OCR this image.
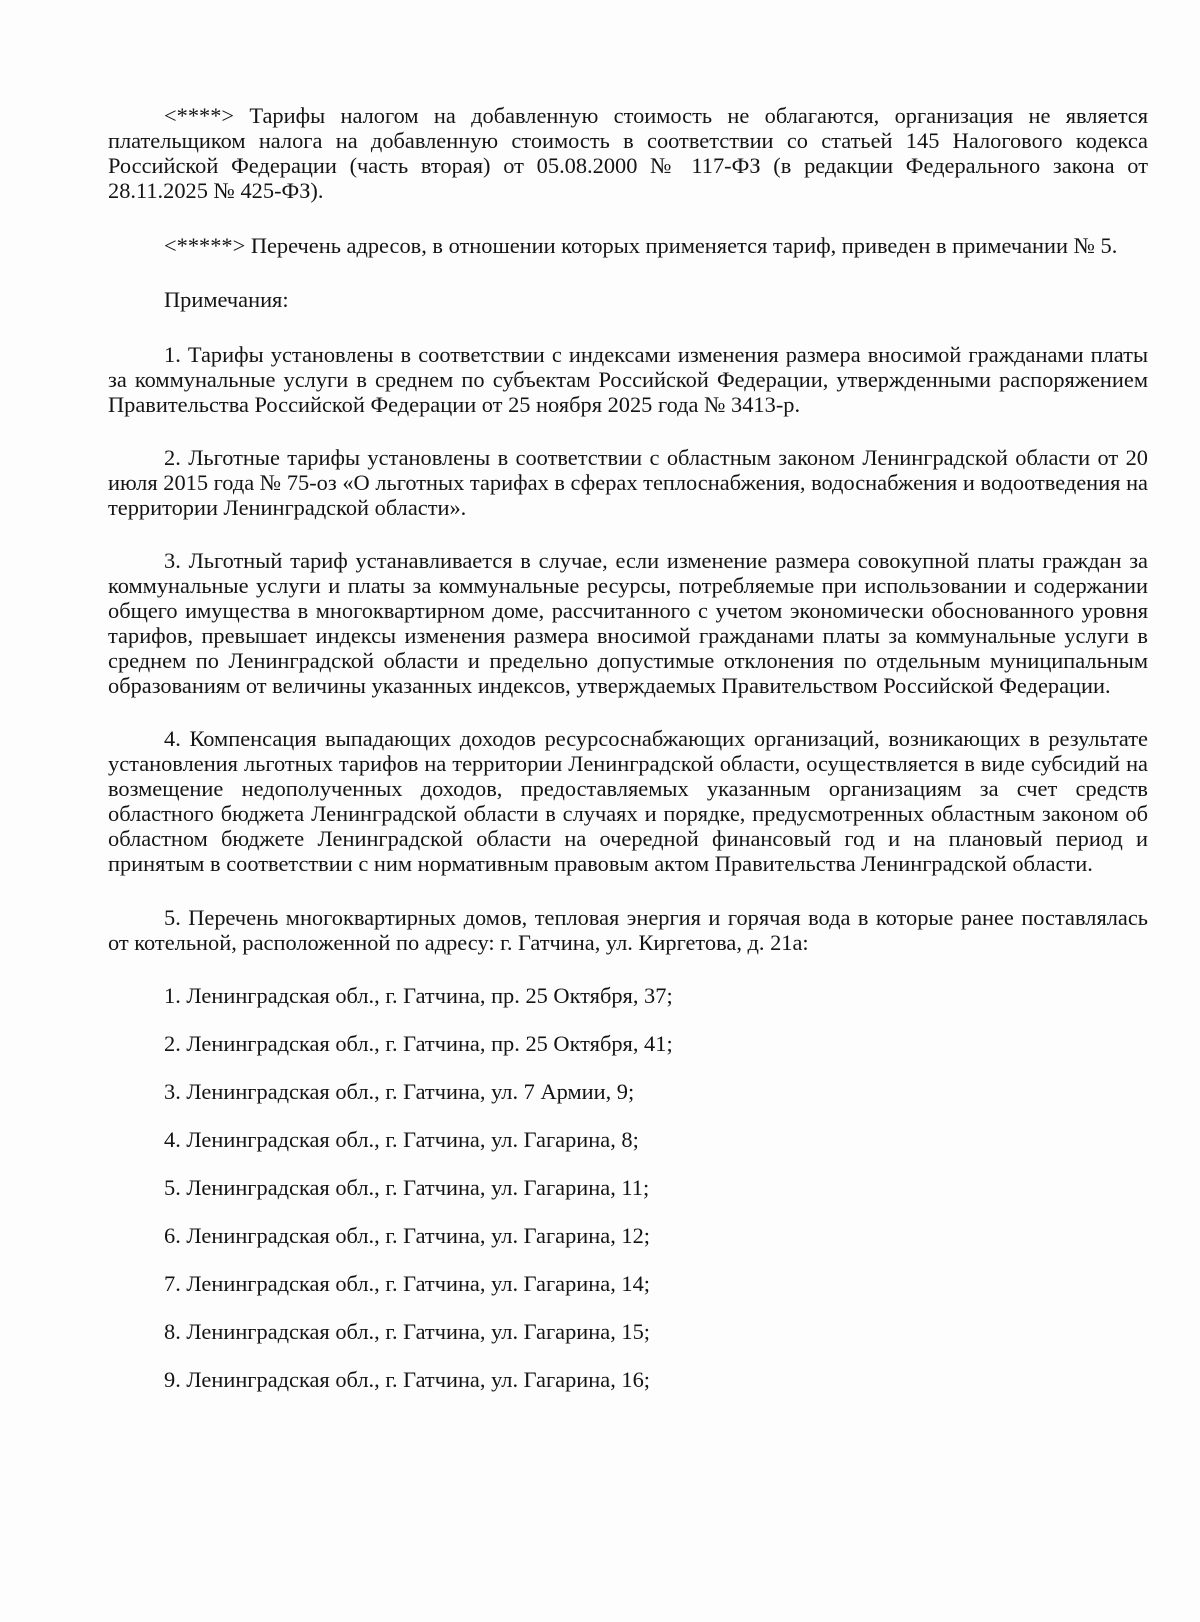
<****> Тарифы налогом на добавленную стоимость не облагаются, организация не является плательщиком налога на добавленную стоимость в соответствии со статьей 145 Налогового кодекса Российской Федерации (часть вторая) от 05.08.2000 № 117-ФЗ (в редакции Федерального закона от 28.11.2025 № 425-ФЗ).

<*****> Перечень адресов, в отношении которых применяется тариф, приведен в примечании № 5.

Примечания:

1. Тарифы установлены в соответствии с индексами изменения размера вносимой гражданами платы за коммунальные услуги в среднем по субъектам Российской Федерации, утвержденными распоряжением Правительства Российской Федерации от 25 ноября 2025 года № 3413-р.

2. Льготные тарифы установлены в соответствии с областным законом Ленинградской области от 20 июля 2015 года № 75-оз «О льготных тарифах в сферах теплоснабжения, водоснабжения и водоотведения на территории Ленинградской области».

3. Льготный тариф устанавливается в случае, если изменение размера совокупной платы граждан за коммунальные услуги и платы за коммунальные ресурсы, потребляемые при использовании и содержании общего имущества в многоквартирном доме, рассчитанного с учетом экономически обоснованного уровня тарифов, превышает индексы изменения размера вносимой гражданами платы за коммунальные услуги в среднем по Ленинградской области и предельно допустимые отклонения по отдельным муниципальным образованиям от величины указанных индексов, утверждаемых Правительством Российской Федерации.

4. Компенсация выпадающих доходов ресурсоснабжающих организаций, возникающих в результате установления льготных тарифов на территории Ленинградской области, осуществляется в виде субсидий на возмещение недополученных доходов, предоставляемых указанным организациям за счет средств областного бюджета Ленинградской области в случаях и порядке, предусмотренных областным законом об областном бюджете Ленинградской области на очередной финансовый год и на плановый период и принятым в соответствии с ним нормативным правовым актом Правительства Ленинградской области.

5. Перечень многоквартирных домов, тепловая энергия и горячая вода в которые ранее поставлялась от котельной, расположенной по адресу: г. Гатчина, ул. Киргетова, д. 21а:

1. Ленинградская обл., г. Гатчина, пр. 25 Октября, 37;
2. Ленинградская обл., г. Гатчина, пр. 25 Октября, 41;
3. Ленинградская обл., г. Гатчина, ул. 7 Армии, 9;
4. Ленинградская обл., г. Гатчина, ул. Гагарина, 8;
5. Ленинградская обл., г. Гатчина, ул. Гагарина, 11;
6. Ленинградская обл., г. Гатчина, ул. Гагарина, 12;
7. Ленинградская обл., г. Гатчина, ул. Гагарина, 14;
8. Ленинградская обл., г. Гатчина, ул. Гагарина, 15;
9. Ленинградская обл., г. Гатчина, ул. Гагарина, 16;
